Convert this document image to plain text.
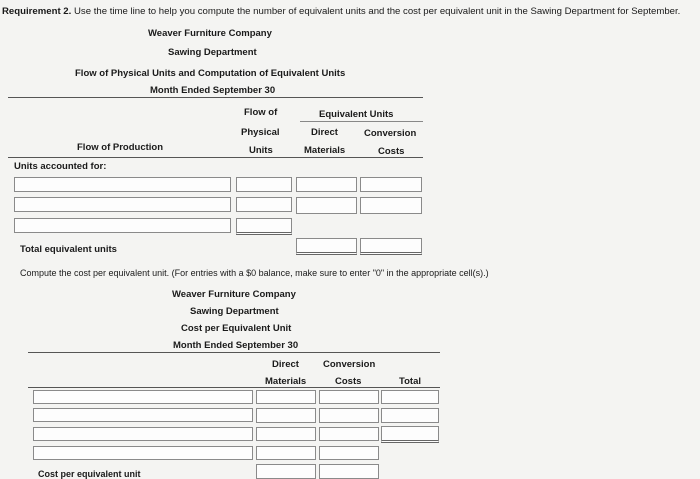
Requirement 2. Use the time line to help you compute the number of equivalent units and the cost per equivalent unit in the Sawing Department for September.
Weaver Furniture Company
Sawing Department
Flow of Physical Units and Computation of Equivalent Units
Month Ended September 30
Flow of
Physical
Units
Equivalent Units
Direct
Materials
Conversion
Costs
Flow of Production
Units accounted for:
Total equivalent units
Compute the cost per equivalent unit. (For entries with a $0 balance, make sure to enter "0" in the appropriate cell(s).)
Weaver Furniture Company
Sawing Department
Cost per Equivalent Unit
Month Ended September 30
Direct
Materials
Conversion
Costs	Total
Cost per equivalent unit
